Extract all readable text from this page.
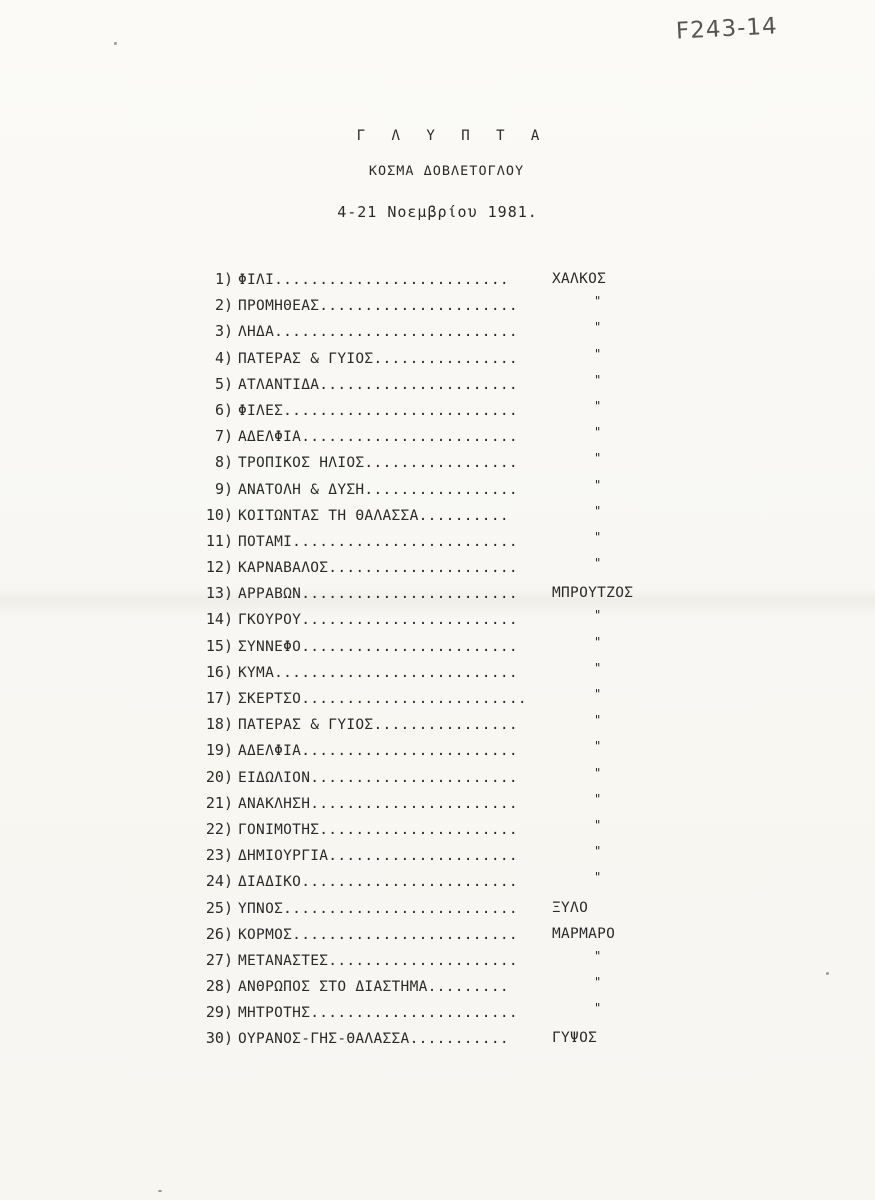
F243-14
Γ Λ Υ Π Τ Α
ΚΟΣΜΑ ΔΟΒΛΕΤΟΓΛΟΥ
4-21 Νοεμβρίου 1981.
1) ΦΙΛΙ..........................	ΧΑΛΚΟΣ
2) ΠΡΟΜΗΘΕΑΣ......................	"
3) ΛΗΔΑ...........................	"
4) ΠΑΤΕΡΑΣ & ΓΥΙΟΣ................	"
5) ΑΤΛΑΝΤΙΔΑ......................	"
6) ΦΙΛΕΣ..........................	"
7) ΑΔΕΛΦΙΑ........................	"
8) ΤΡΟΠΙΚΟΣ ΗΛΙΟΣ.................	"
9) ΑΝΑΤΟΛΗ & ΔΥΣΗ.................	"
10) ΚΟΙΤΩΝΤΑΣ ΤΗ ΘΑΛΑΣΣΑ..........	"
11) ΠΟΤΑΜΙ.........................	"
12) ΚΑΡΝΑΒΑΛΟΣ.....................	"
13) ΑΡΡΑΒΩΝ........................ ΜΠΡΟΥΤΖΟΣ
14) ΓΚΟΥΡΟΥ........................	"
15) ΣΥΝΝΕΦΟ........................	"
16) ΚΥΜΑ...........................	"
17) ΣΚΕΡΤΣΟ.........................	"
18) ΠΑΤΕΡΑΣ & ΓΥΙΟΣ................	"
19) ΑΔΕΛΦΙΑ........................	"
20) ΕΙΔΩΛΙΟΝ.......................	"
21) ΑΝΑΚΛΗΣΗ.......................	"
22) ΓΟΝΙΜΟΤΗΣ......................	"
23) ΔΗΜΙΟΥΡΓΙΑ.....................	"
24) ΔΙΑΔΙΚΟ........................	"
25) ΥΠΝΟΣ.......................... ΞΥΛΟ
26) ΚΟΡΜΟΣ......................... ΜΑΡΜΑΡΟ
27) ΜΕΤΑΝΑΣΤΕΣ.....................	"
28) ΑΝΘΡΩΠΟΣ ΣΤΟ ΔΙΑΣΤΗΜΑ.........	"
29) ΜΗΤΡΟΤΗΣ.......................	"
30) ΟΥΡΑΝΟΣ-ΓΗΣ-ΘΑΛΑΣΣΑ...........	ΓΥΨΟΣ
